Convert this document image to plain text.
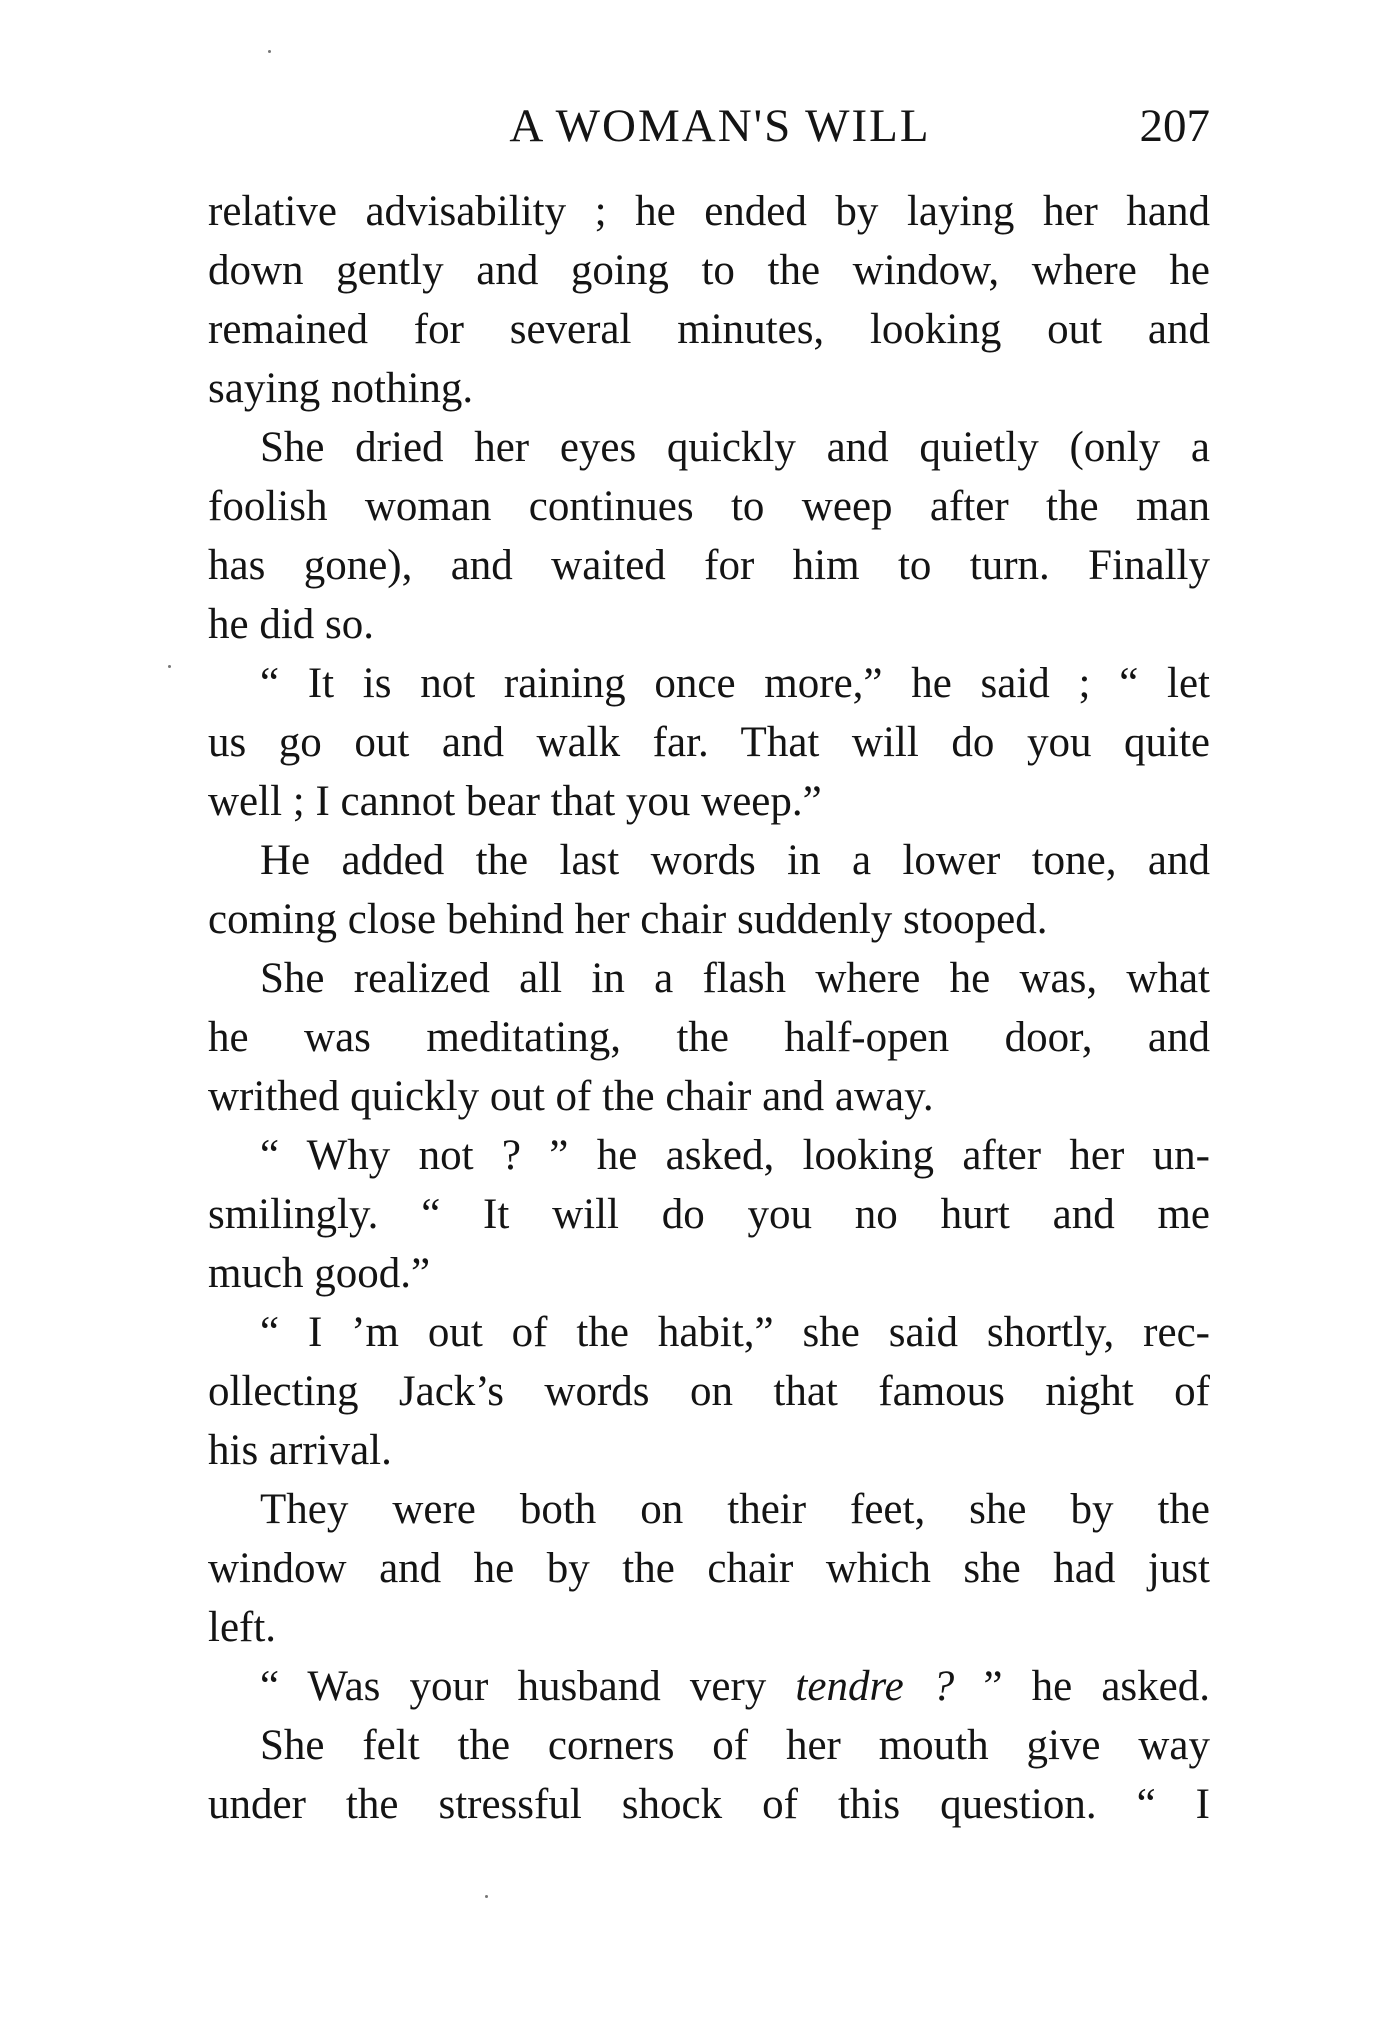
A WOMAN'S WILL	207
relative advisability ; he ended by laying her hand
down gently and going to the window, where he
remained for several minutes, looking out and
saying nothing.
She dried her eyes quickly and quietly (only a
foolish woman continues to weep after the man
has gone), and waited for him to turn. Finally
he did so.
“ It is not raining once more,” he said ; “ let
us go out and walk far. That will do you quite
well ; I cannot bear that you weep.”
He added the last words in a lower tone, and
coming close behind her chair suddenly stooped.
She realized all in a flash where he was, what
he was meditating, the half-open door, and
writhed quickly out of the chair and away.
“ Why not ? ” he asked, looking after her un-
smilingly. “ It will do you no hurt and me
much good.”
“ I ’m out of the habit,” she said shortly, rec-
ollecting Jack’s words on that famous night of
his arrival.
They were both on their feet, she by the
window and he by the chair which she had just
left.
“ Was your husband very tendre ? ” he asked.
She felt the corners of her mouth give way
under the stressful shock of this question. “ I
